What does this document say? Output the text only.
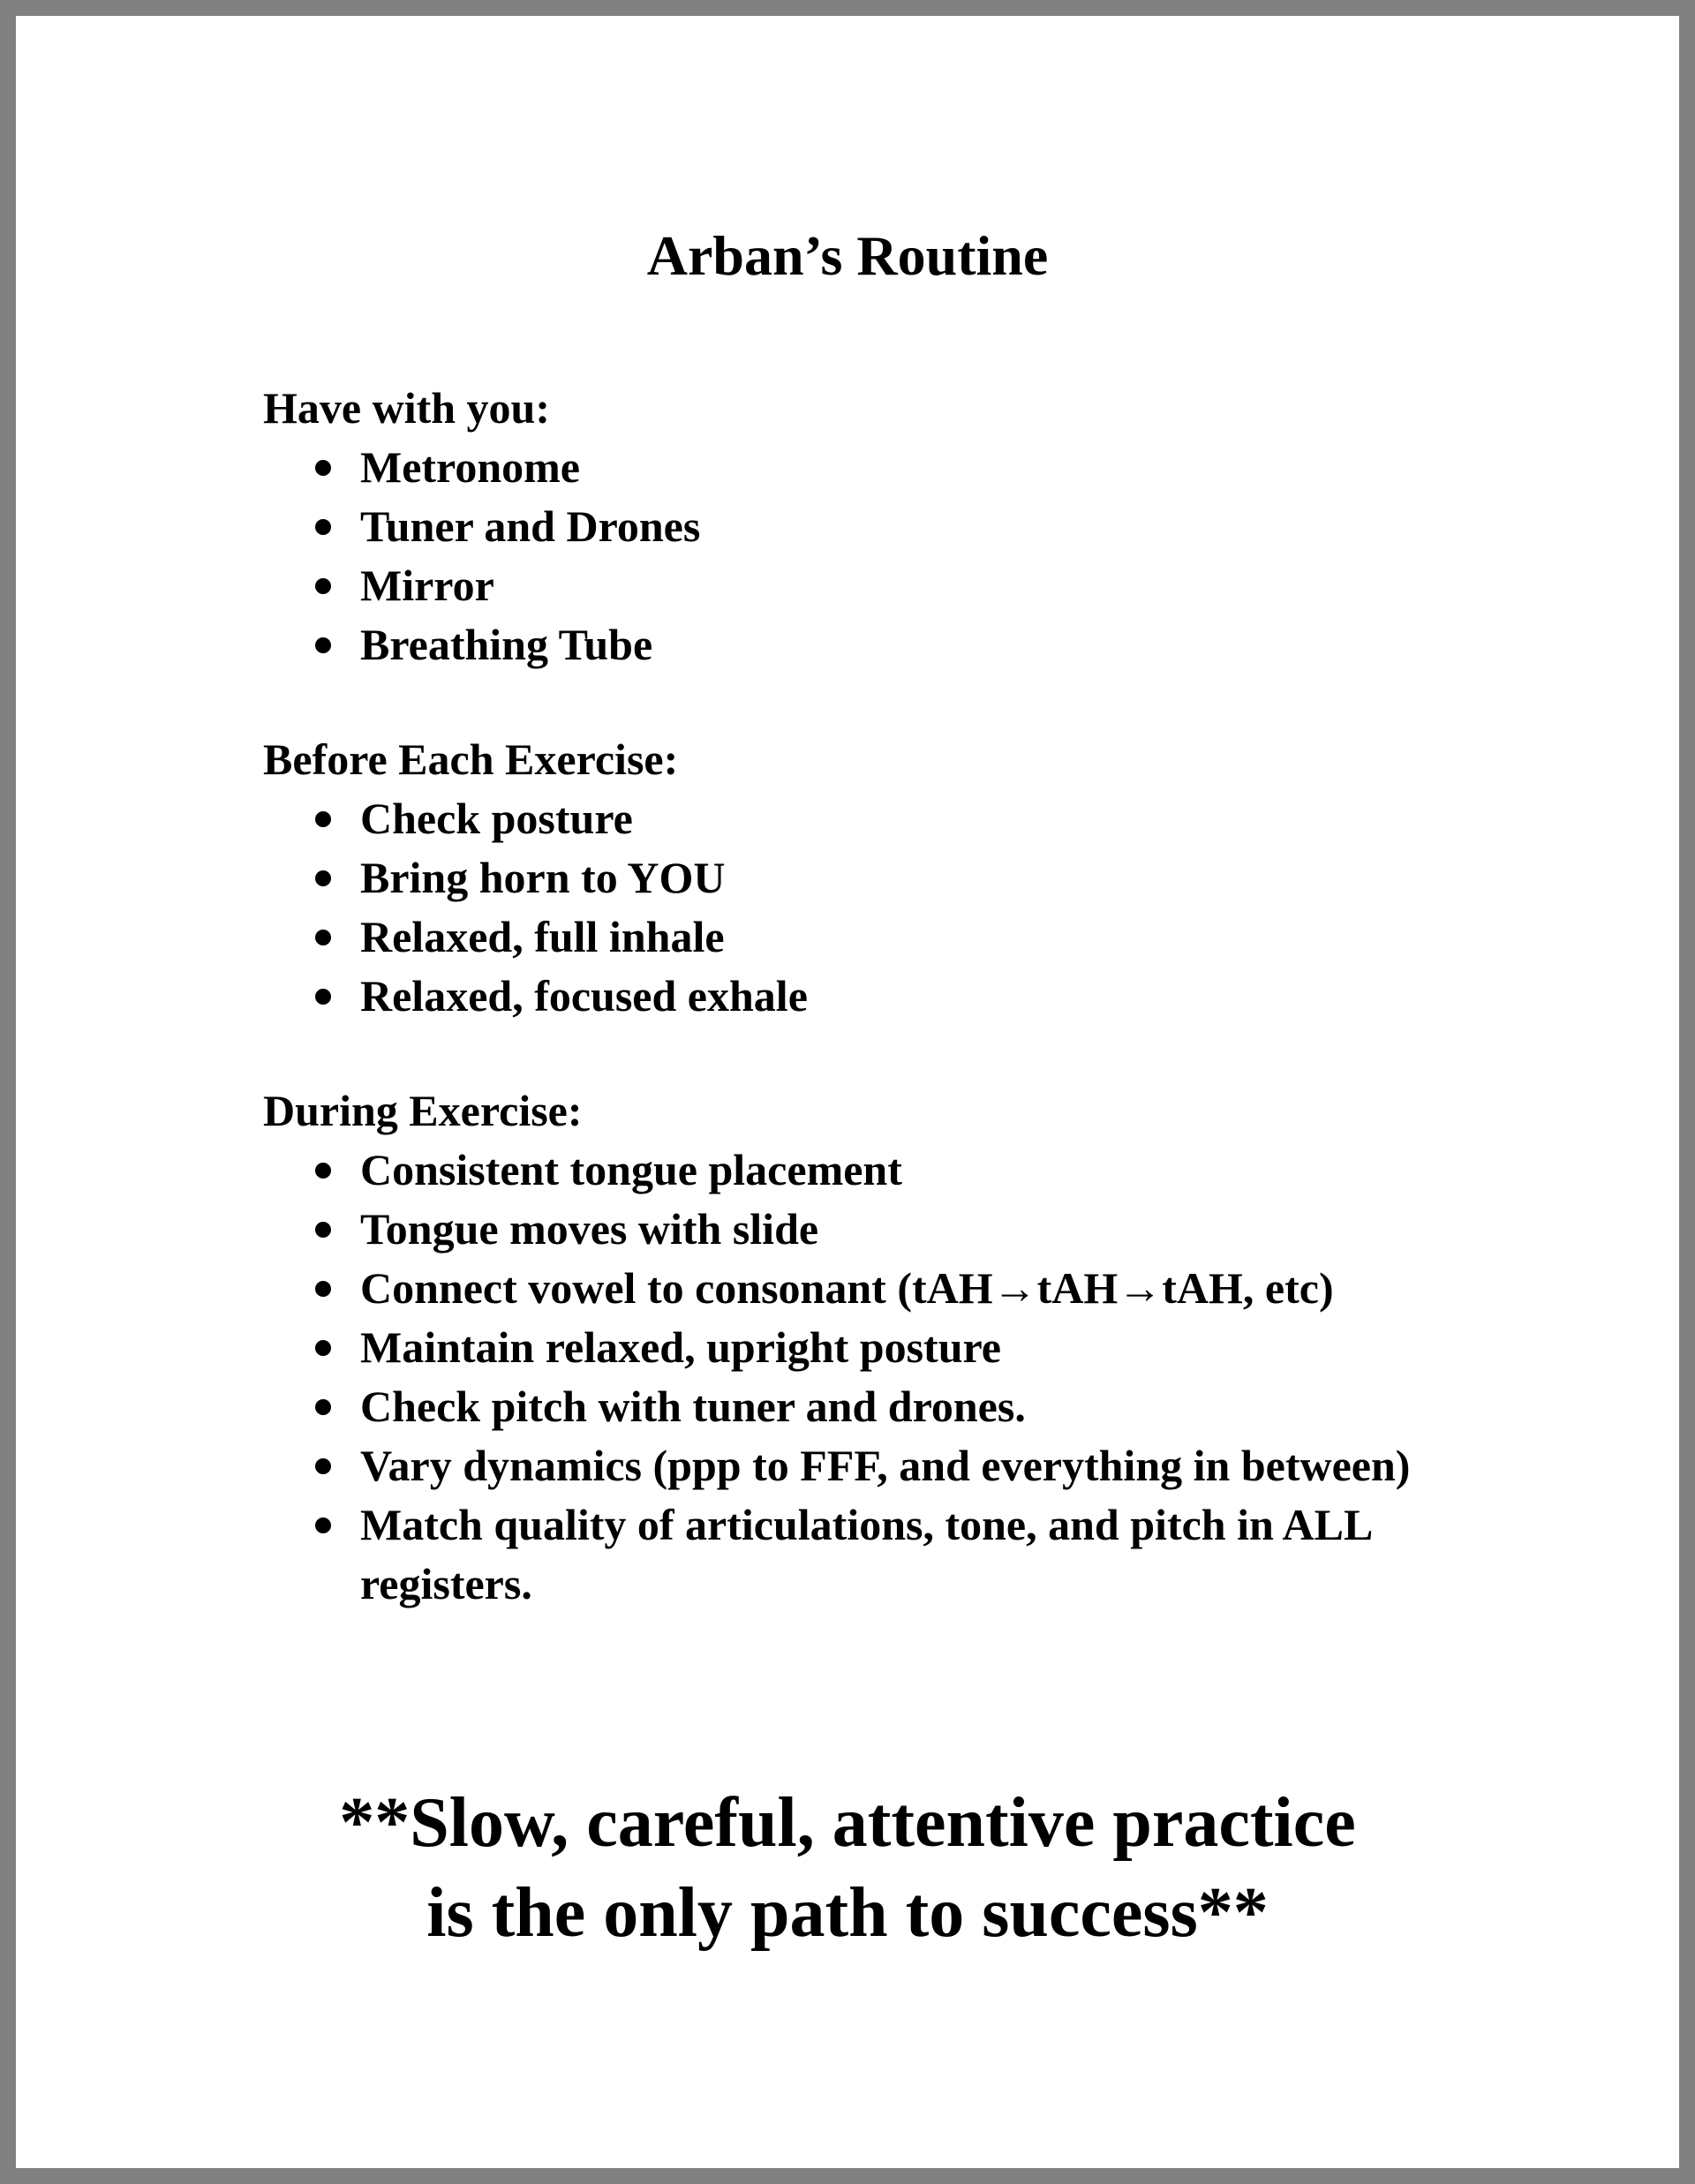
Arban’s Routine

Have with you:

Metronome
Tuner and Drones
Mirror
Breathing Tube

Before Each Exercise:

Check posture
Bring horn to YOU
Relaxed, full inhale
Relaxed, focused exhale

During Exercise:

Consistent tongue placement
Tongue moves with slide
Connect vowel to consonant (tAH→tAH→tAH, etc)
Maintain relaxed, upright posture
Check pitch with tuner and drones.
Vary dynamics (ppp to FFF, and everything in between)
Match quality of articulations, tone, and pitch in ALL registers.

**Slow, careful, attentive practice
is the only path to success**
